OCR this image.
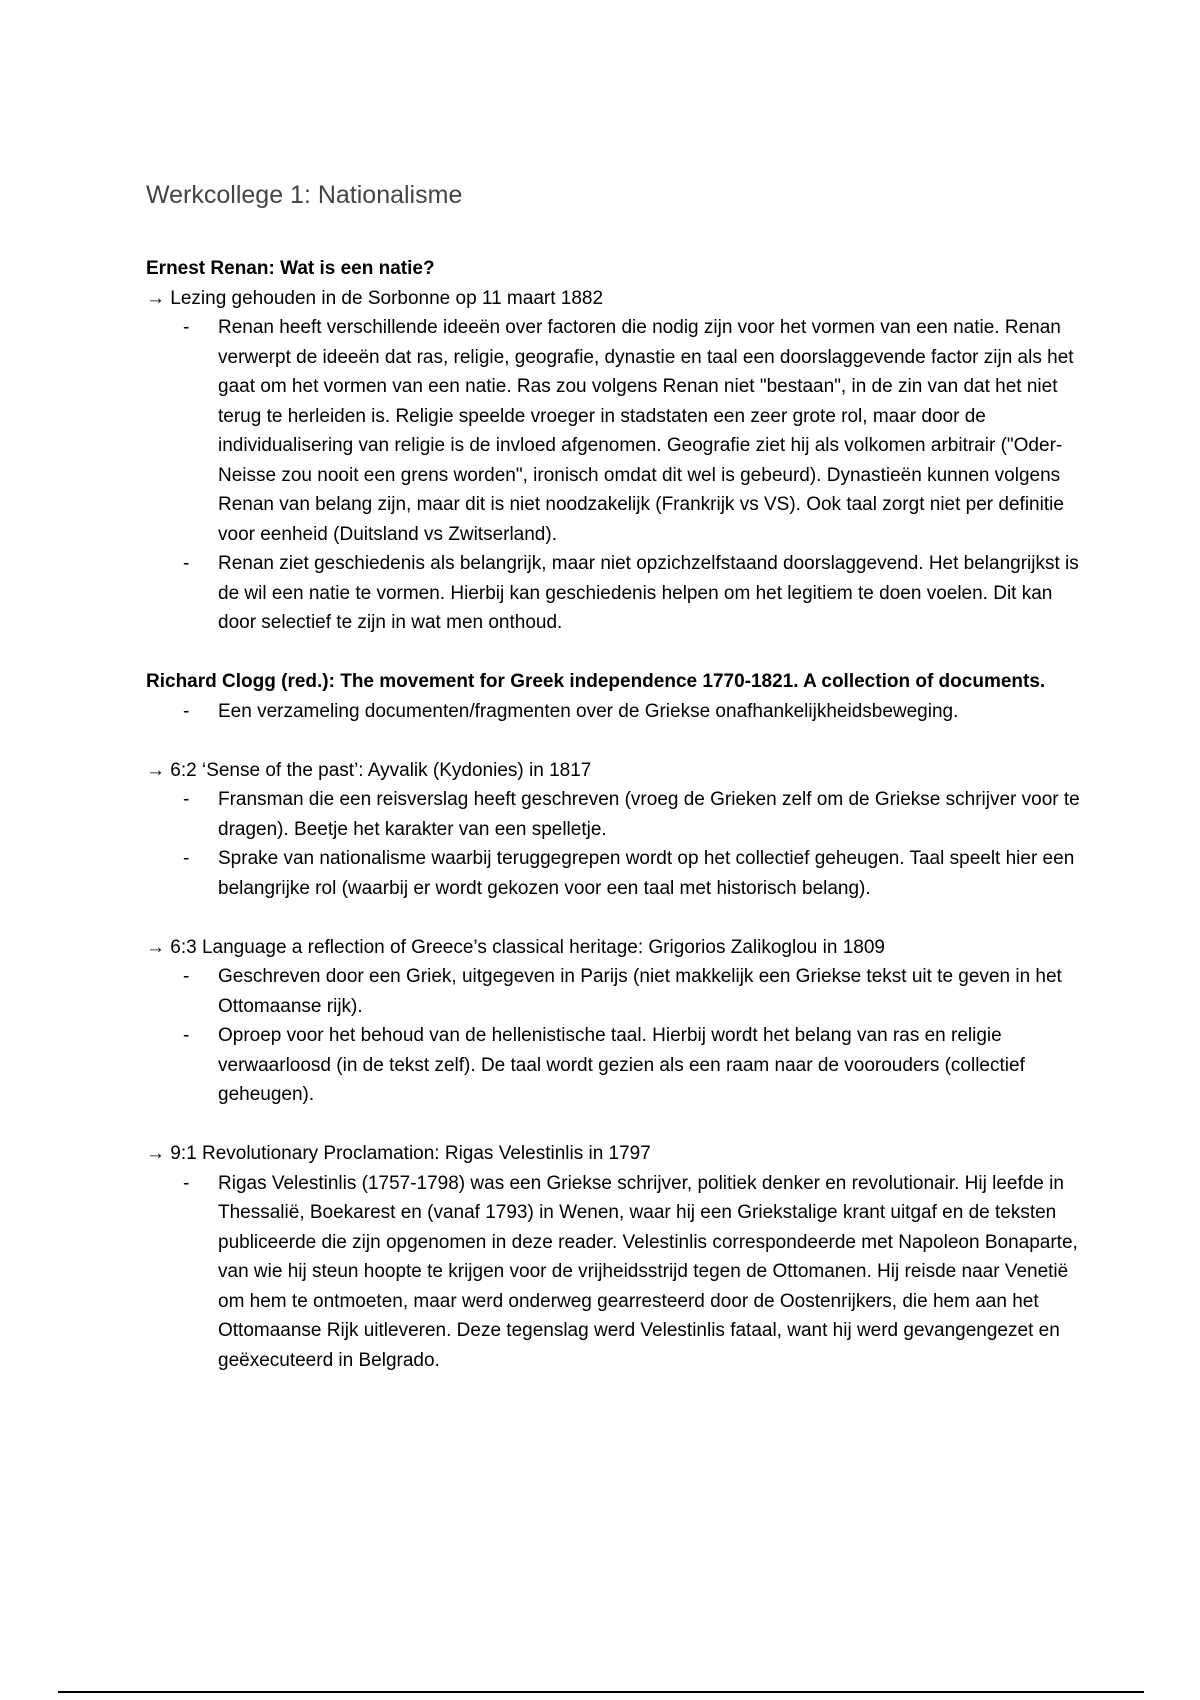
Werkcollege 1: Nationalisme

Ernest Renan: Wat is een natie?

→ Lezing gehouden in de Sorbonne op 11 maart 1882

- Renan heeft verschillende ideeën over factoren die nodig zijn voor het vormen van een natie. Renan verwerpt de ideeën dat ras, religie, geografie, dynastie en taal een doorslaggevende factor zijn als het gaat om het vormen van een natie. Ras zou volgens Renan niet "bestaan", in de zin van dat het niet terug te herleiden is. Religie speelde vroeger in stadstaten een zeer grote rol, maar door de individualisering van religie is de invloed afgenomen. Geografie ziet hij als volkomen arbitrair ("Oder-Neisse zou nooit een grens worden", ironisch omdat dit wel is gebeurd). Dynastieën kunnen volgens Renan van belang zijn, maar dit is niet noodzakelijk (Frankrijk vs VS). Ook taal zorgt niet per definitie voor eenheid (Duitsland vs Zwitserland).
- Renan ziet geschiedenis als belangrijk, maar niet opzichzelfstaand doorslaggevend. Het belangrijkst is de wil een natie te vormen. Hierbij kan geschiedenis helpen om het legitiem te doen voelen. Dit kan door selectief te zijn in wat men onthoud.

Richard Clogg (red.): The movement for Greek independence 1770-1821. A collection of documents.

- Een verzameling documenten/fragmenten over de Griekse onafhankelijkheidsbeweging.

→ 6:2 ‘Sense of the past’: Ayvalik (Kydonies) in 1817

- Fransman die een reisverslag heeft geschreven (vroeg de Grieken zelf om de Griekse schrijver voor te dragen). Beetje het karakter van een spelletje.
- Sprake van nationalisme waarbij teruggegrepen wordt op het collectief geheugen. Taal speelt hier een belangrijke rol (waarbij er wordt gekozen voor een taal met historisch belang).

→ 6:3 Language a reflection of Greece’s classical heritage: Grigorios Zalikoglou in 1809

- Geschreven door een Griek, uitgegeven in Parijs (niet makkelijk een Griekse tekst uit te geven in het Ottomaanse rijk).
- Oproep voor het behoud van de hellenistische taal. Hierbij wordt het belang van ras en religie verwaarloosd (in de tekst zelf). De taal wordt gezien als een raam naar de voorouders (collectief geheugen).

→ 9:1 Revolutionary Proclamation: Rigas Velestinlis in 1797

- Rigas Velestinlis (1757-1798) was een Griekse schrijver, politiek denker en revolutionair. Hij leefde in Thessalië, Boekarest en (vanaf 1793) in Wenen, waar hij een Griekstalige krant uitgaf en de teksten publiceerde die zijn opgenomen in deze reader. Velestinlis correspondeerde met Napoleon Bonaparte, van wie hij steun hoopte te krijgen voor de vrijheidsstrijd tegen de Ottomanen. Hij reisde naar Venetië om hem te ontmoeten, maar werd onderweg gearresteerd door de Oostenrijkers, die hem aan het Ottomaanse Rijk uitleveren. Deze tegenslag werd Velestinlis fataal, want hij werd gevangengezet en geëxecuteerd in Belgrado.
